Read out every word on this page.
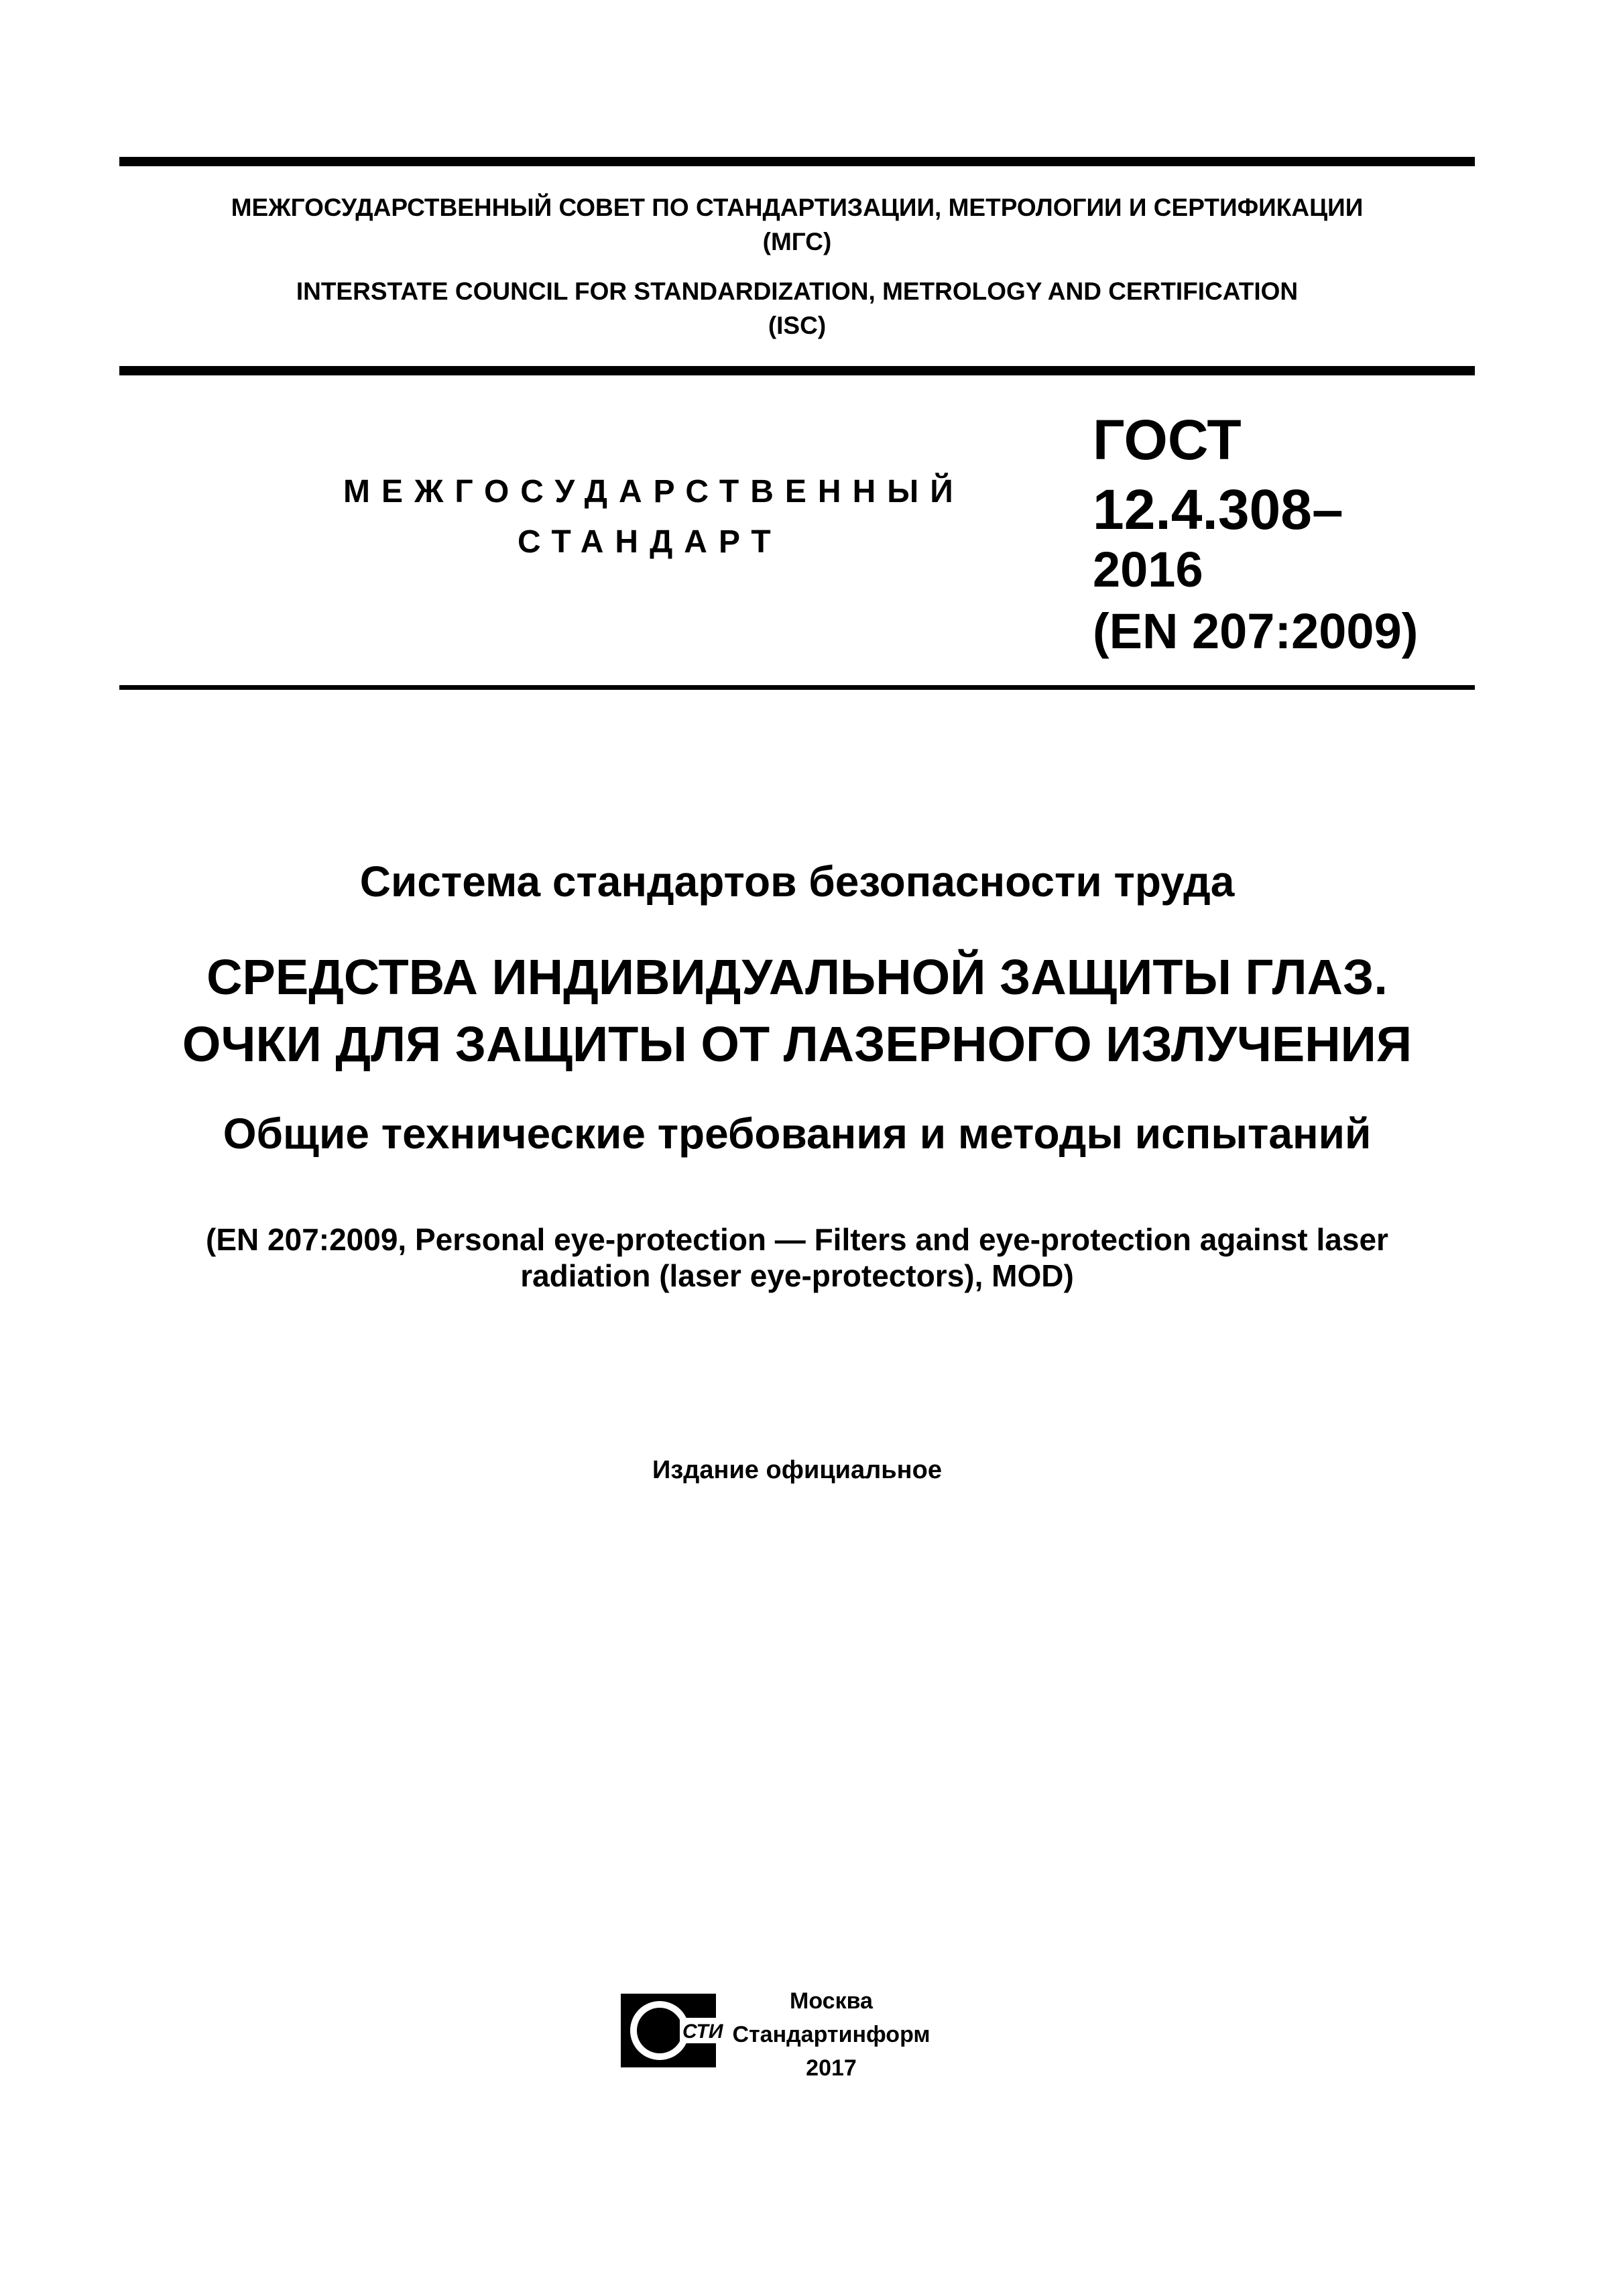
МЕЖГОСУДАРСТВЕННЫЙ СОВЕТ ПО СТАНДАРТИЗАЦИИ, МЕТРОЛОГИИ И СЕРТИФИКАЦИИ
(МГС)
INTERSTATE COUNCIL FOR STANDARDIZATION, METROLOGY AND CERTIFICATION
(ISC)
МЕЖГОСУДАРСТВЕННЫЙ
СТАНДАРТ
ГОСТ
12.4.308–
2016
(EN 207:2009)
Система стандартов безопасности труда
СРЕДСТВА ИНДИВИДУАЛЬНОЙ ЗАЩИТЫ ГЛАЗ.
ОЧКИ ДЛЯ ЗАЩИТЫ ОТ ЛАЗЕРНОГО ИЗЛУЧЕНИЯ
Общие технические требования и методы испытаний
(EN 207:2009, Personal eye-protection — Filters and eye-protection against laser
radiation (laser eye-protectors), MOD)
Издание официальное
СТИ
Москва
Стандартинформ
2017
